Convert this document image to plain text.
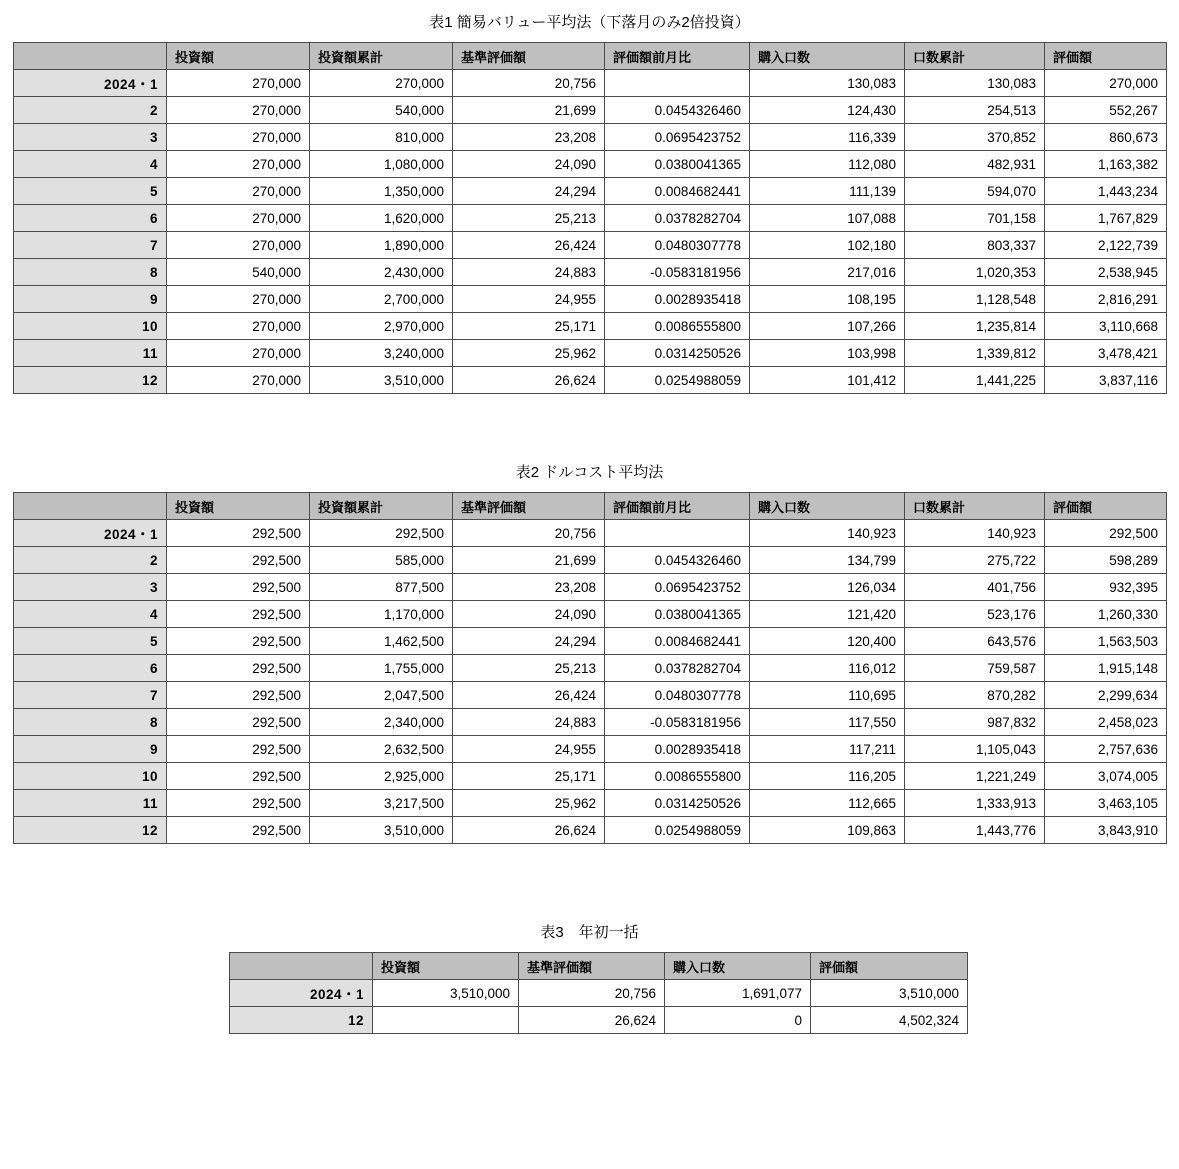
表1 簡易バリュー平均法（下落月のみ2倍投資）
	投資額	投資額累計	基準評価額	評価額前月比	購入口数	口数累計	評価額
2024・1	270,000	270,000	20,756		130,083	130,083	270,000
2	270,000	540,000	21,699	0.0454326460	124,430	254,513	552,267
3	270,000	810,000	23,208	0.0695423752	116,339	370,852	860,673
4	270,000	1,080,000	24,090	0.0380041365	112,080	482,931	1,163,382
5	270,000	1,350,000	24,294	0.0084682441	111,139	594,070	1,443,234
6	270,000	1,620,000	25,213	0.0378282704	107,088	701,158	1,767,829
7	270,000	1,890,000	26,424	0.0480307778	102,180	803,337	2,122,739
8	540,000	2,430,000	24,883	-0.0583181956	217,016	1,020,353	2,538,945
9	270,000	2,700,000	24,955	0.0028935418	108,195	1,128,548	2,816,291
10	270,000	2,970,000	25,171	0.0086555800	107,266	1,235,814	3,110,668
11	270,000	3,240,000	25,962	0.0314250526	103,998	1,339,812	3,478,421
12	270,000	3,510,000	26,624	0.0254988059	101,412	1,441,225	3,837,116
表2 ドルコスト平均法
	投資額	投資額累計	基準評価額	評価額前月比	購入口数	口数累計	評価額
2024・1	292,500	292,500	20,756		140,923	140,923	292,500
2	292,500	585,000	21,699	0.0454326460	134,799	275,722	598,289
3	292,500	877,500	23,208	0.0695423752	126,034	401,756	932,395
4	292,500	1,170,000	24,090	0.0380041365	121,420	523,176	1,260,330
5	292,500	1,462,500	24,294	0.0084682441	120,400	643,576	1,563,503
6	292,500	1,755,000	25,213	0.0378282704	116,012	759,587	1,915,148
7	292,500	2,047,500	26,424	0.0480307778	110,695	870,282	2,299,634
8	292,500	2,340,000	24,883	-0.0583181956	117,550	987,832	2,458,023
9	292,500	2,632,500	24,955	0.0028935418	117,211	1,105,043	2,757,636
10	292,500	2,925,000	25,171	0.0086555800	116,205	1,221,249	3,074,005
11	292,500	3,217,500	25,962	0.0314250526	112,665	1,333,913	3,463,105
12	292,500	3,510,000	26,624	0.0254988059	109,863	1,443,776	3,843,910
表3　年初一括
	投資額	基準評価額	購入口数	評価額
2024・1	3,510,000	20,756	1,691,077	3,510,000
12		26,624	0	4,502,324
